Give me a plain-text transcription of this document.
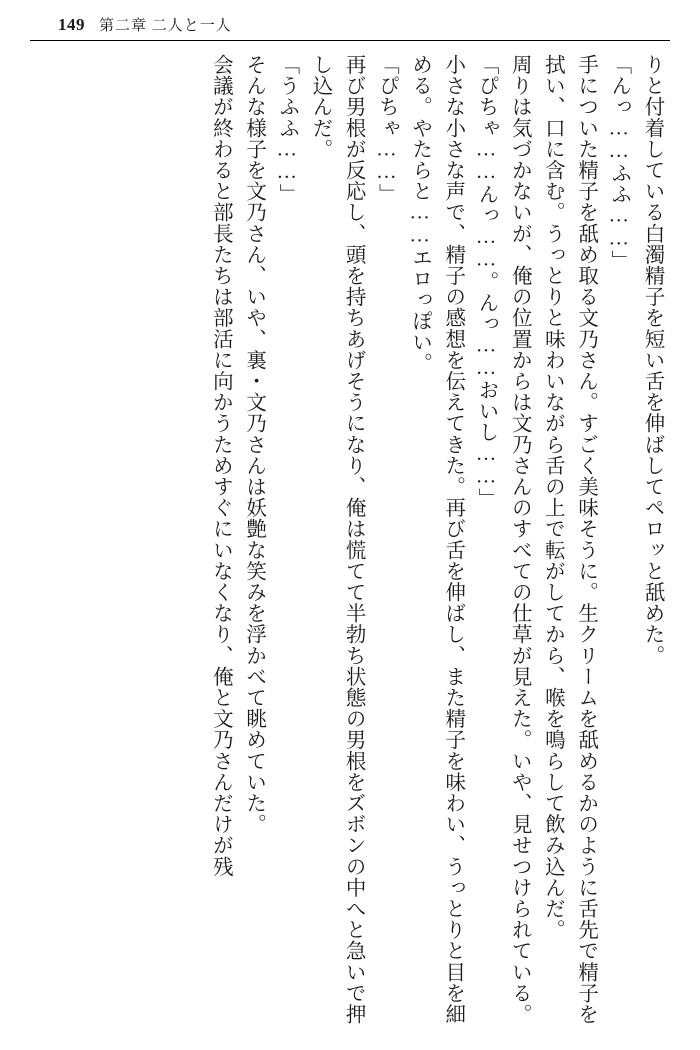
149 第二章 二人と一人

りと付着している白濁精子を短い舌を伸ばしてペロッと舐めた。

「んっ……ふふ……」

手についた精子を舐め取る文乃さん。すごく美味そうに。生クリームを舐めるかのように舌先で精子を拭い、口に含む。うっとりと味わいながら舌の上で転がしてから、喉を鳴らして飲み込んだ。

周りは気づかないが、俺の位置からは文乃さんのすべての仕草が見えた。いや、見せつけられている。

「ぴちゃ……んっ……。んっ……おいし……」

小さな小さな声で、精子の感想を伝えてきた。再び舌を伸ばし、また精子を味わい、うっとりと目を細める。やたらと……エロっぽい。

「ぴちゃ……」

再び男根が反応し、頭を持ちあげそうになり、俺は慌てて半勃ち状態の男根をズボンの中へと急いで押し込んだ。

「うふふ……」

そんな様子を文乃さん、いや、裏・文乃さんは妖艶な笑みを浮かべて眺めていた。

会議が終わると部長たちは部活に向かうためすぐにいなくなり、俺と文乃さんだけが残
